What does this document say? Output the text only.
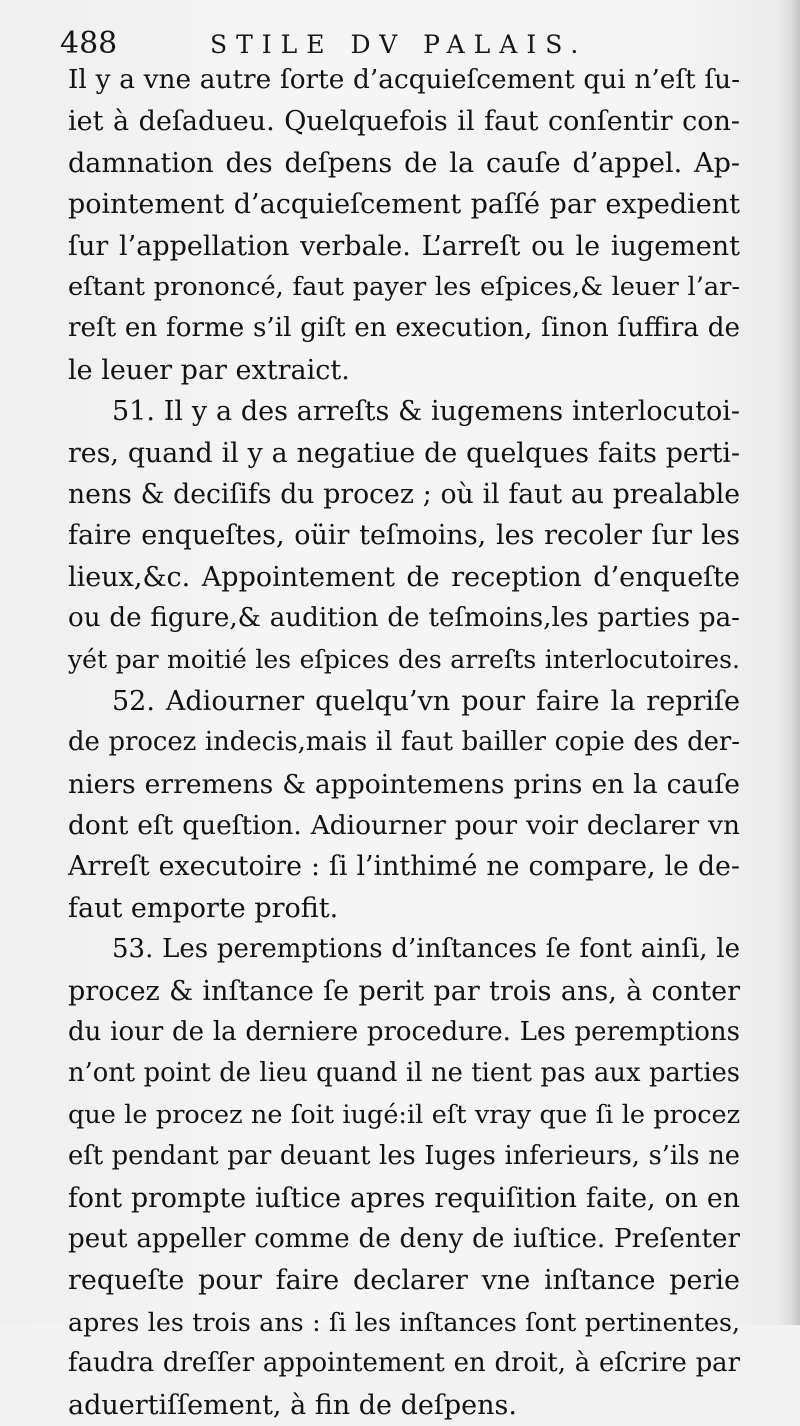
488	STILE DV PALAIS.
Il y a vne autre ſorte d’acquieſcement qui n’eſt ſu-
iet à deſadueu. Quelquefois il faut conſentir con-
damnation des deſpens de la cauſe d’appel. Ap-
pointement d’acquieſcement paſſé par expedient
ſur l’appellation verbale. L’arreſt ou le iugement
eſtant prononcé, faut payer les eſpices,& leuer l’ar-
reſt en forme s’il giſt en execution, ſinon ſuffira de
le leuer par extraict.
51. Il y a des arreſts & iugemens interlocutoi-
res, quand il y a negatiue de quelques faits perti-
nens & deciſifs du procez ; où il faut au prealable
faire enqueſtes, oüir teſmoins, les recoler ſur les
lieux,&c. Appointement de reception d’enqueſte
ou de figure,& audition de teſmoins,les parties pa-
yét par moitié les eſpices des arreſts interlocutoires.
52. Adiourner quelqu’vn pour faire la repriſe
de procez indecis,mais il faut bailler copie des der-
niers erremens & appointemens prins en la cauſe
dont eſt queſtion. Adiourner pour voir declarer vn
Arreſt executoire : ſi l’inthimé ne compare, le de-
faut emporte profit.
53. Les peremptions d’inſtances ſe font ainſi, le
procez & inſtance ſe perit par trois ans, à conter
du iour de la derniere procedure. Les peremptions
n’ont point de lieu quand il ne tient pas aux parties
que le procez ne ſoit iugé:il eſt vray que ſi le procez
eſt pendant par deuant les Iuges inferieurs, s’ils ne
font prompte iuſtice apres requiſition faite, on en
peut appeller comme de deny de iuſtice. Preſenter
requeſte pour faire declarer vne inſtance perie
apres les trois ans : ſi les inſtances ſont pertinentes,
faudra dreſſer appointement en droit, à eſcrire par
aduertiſſement, à fin de deſpens.
